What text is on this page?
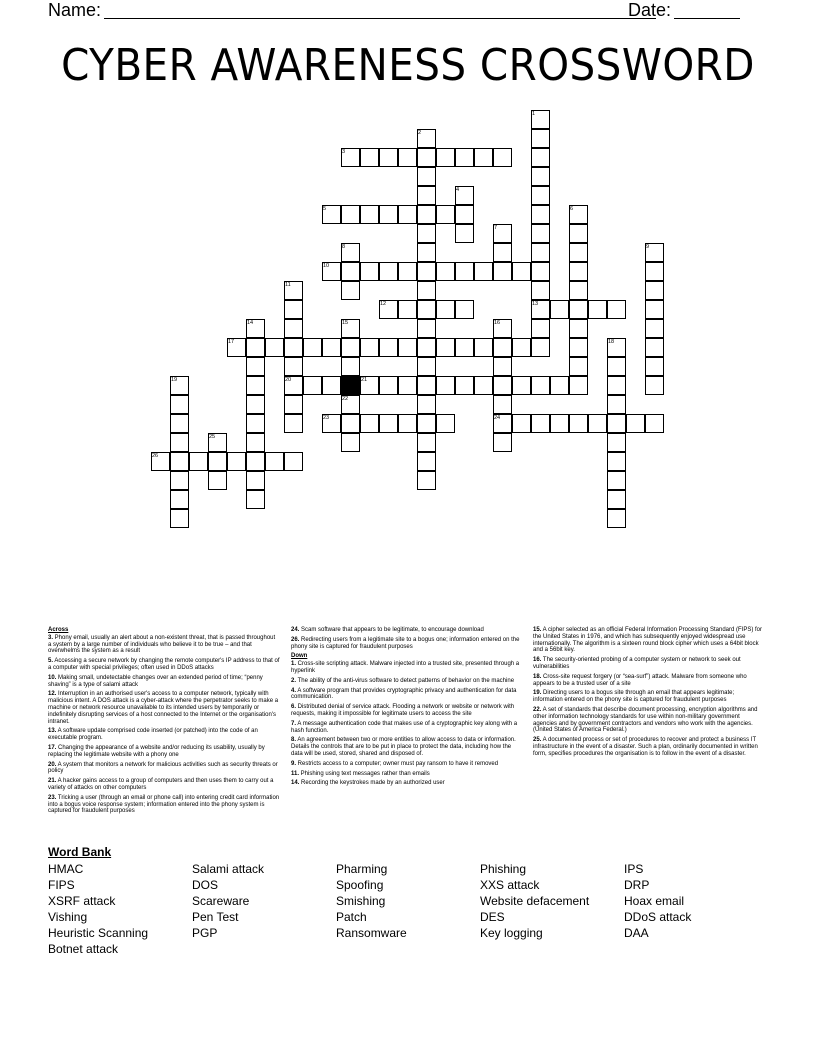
Name:	Date:
CYBER AWARENESS CROSSWORD
1
2
3
4
5	6
7
8	9
10
11
12	13
14	15	16
17	18
19	20	21
22
23	24
25
26

Across

3. Phony email, usually an alert about a non-existent threat, that is passed throughout a system by a large number of individuals who believe it to be true – and that overwhelms the system as a result

5. Accessing a secure network by changing the remote computer's IP address to that of a computer with special privileges; often used in DDoS attacks

10. Making small, undetectable changes over an extended period of time; “penny shaving” is a type of salami attack

12. Interruption in an authorised user's access to a computer network, typically with malicious intent. A DOS attack is a cyber-attack where the perpetrator seeks to make a machine or network resource unavailable to its intended users by temporarily or indefinitely disrupting services of a host connected to the Internet or the organisation's intranet.

13. A software update comprised code inserted (or patched) into the code of an executable program.

17. Changing the appearance of a website and/or reducing its usability, usually by replacing the legitimate website with a phony one

20. A system that monitors a network for malicious activities such as security threats or policy

21. A hacker gains access to a group of computers and then uses them to carry out a variety of attacks on other computers

23. Tricking a user (through an email or phone call) into entering credit card information into a bogus voice response system; information entered into the phony system is captured for fraudulent purposes

24. Scam software that appears to be legitimate, to encourage download

26. Redirecting users from a legitimate site to a bogus one; information entered on the phony site is captured for fraudulent purposes

Down

1. Cross-site scripting attack. Malware injected into a trusted site, presented through a hyperlink

2. The ability of the anti-virus software to detect patterns of behavior on the machine

4. A software program that provides cryptographic privacy and authentication for data communication.

6. Distributed denial of service attack. Flooding a network or website or network with requests, making it impossible for legitimate users to access the site

7. A message authentication code that makes use of a cryptographic key along with a hash function.

8. An agreement between two or more entities to allow access to data or information. Details the controls that are to be put in place to protect the data, including how the data will be used, stored, shared and disposed of.

9. Restricts access to a computer; owner must pay ransom to have it removed

11. Phishing using text messages rather than emails

14. Recording the keystrokes made by an authorized user

15. A cipher selected as an official Federal Information Processing Standard (FIPS) for the United States in 1976, and which has subsequently enjoyed widespread use internationally. The algorithm is a sixteen round block cipher which uses a 64bit block and a 56bit key.

16. The security-oriented probing of a computer system or network to seek out vulnerabilities

18. Cross-site request forgery (or “sea-surf”) attack. Malware from someone who appears to be a trusted user of a site

19. Directing users to a bogus site through an email that appears legitimate; information entered on the phony site is captured for fraudulent purposes

22. A set of standards that describe document processing, encryption algorithms and other information technology standards for use within non-military government agencies and by government contractors and vendors who work with the agencies. (United States of America Federal.)

25. A documented process or set of procedures to recover and protect a business IT infrastructure in the event of a disaster. Such a plan, ordinarily documented in written form, specifies procedures the organisation is to follow in the event of a disaster.

Word Bank
HMAC
FIPS
XSRF attack
Vishing
Heuristic Scanning
Botnet attack
Salami attack
DOS
Scareware
Pen Test
PGP
Pharming
Spoofing
Smishing
Patch
Ransomware
Phishing
XXS attack
Website defacement
DES
Key logging
IPS
DRP
Hoax email
DDoS attack
DAA
